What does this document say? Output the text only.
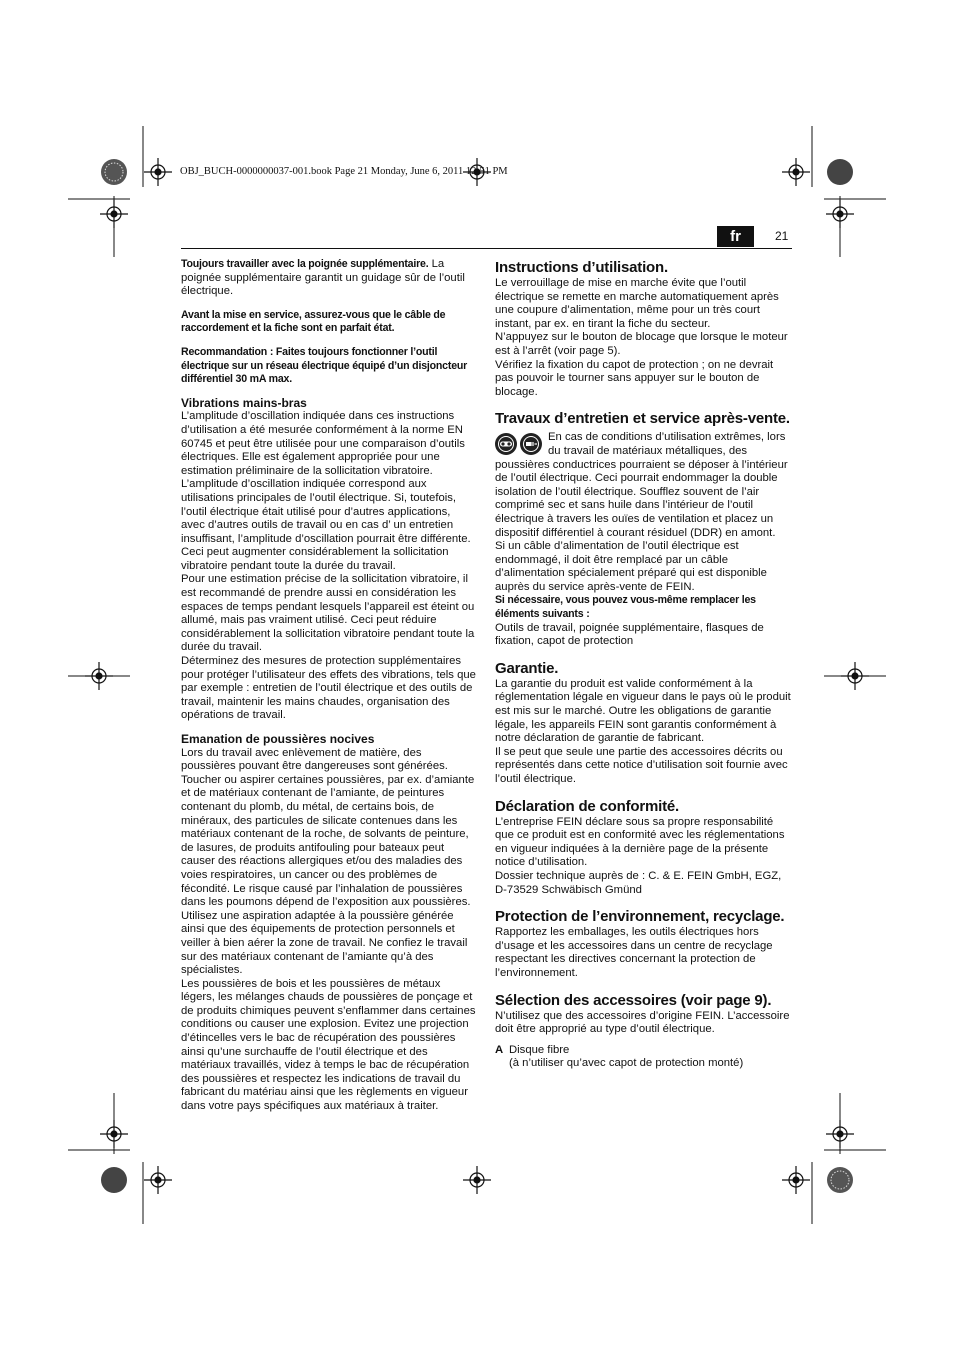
OBJ_BUCH-0000000037-001.book Page 21 Monday, June 6, 2011 12:51 PM
fr	21

Toujours travailler avec la poignée supplémentaire. La poignée supplémentaire garantit un guidage sûr de l’outil électrique.

Avant la mise en service, assurez-vous que le câble de raccordement et la fiche sont en parfait état.

Recommandation : Faites toujours fonctionner l’outil électrique sur un réseau électrique équipé d’un disjoncteur différentiel 30 mA max.

Vibrations mains-bras

L’amplitude d’oscillation indiquée dans ces instructions d’utilisation a été mesurée conformément à la norme EN 60745 et peut être utilisée pour une comparaison d’outils électriques. Elle est également appropriée pour une estimation préliminaire de la sollicitation vibratoire. L’amplitude d’oscillation indiquée correspond aux utilisations principales de l’outil électrique. Si, toutefois, l’outil électrique était utilisé pour d’autres applications, avec d’autres outils de travail ou en cas d’ un entretien insuffisant, l’amplitude d’oscillation pourrait être différente. Ceci peut augmenter considérablement la sollicitation vibratoire pendant toute la durée du travail.

Pour une estimation précise de la sollicitation vibratoire, il est recommandé de prendre aussi en considération les espaces de temps pendant lesquels l’appareil est éteint ou allumé, mais pas vraiment utilisé. Ceci peut réduire considérablement la sollicitation vibratoire pendant toute la durée du travail.

Déterminez des mesures de protection supplémentaires pour protéger l’utilisateur des effets des vibrations, tels que par exemple : entretien de l’outil électrique et des outils de travail, maintenir les mains chaudes, organisation des opérations de travail.

Emanation de poussières nocives

Lors du travail avec enlèvement de matière, des poussières pouvant être dangereuses sont générées.

Toucher ou aspirer certaines poussières, par ex. d’amiante et de matériaux contenant de l’amiante, de peintures contenant du plomb, du métal, de certains bois, de minéraux, des particules de silicate contenues dans les matériaux contenant de la roche, de solvants de peinture, de lasures, de produits antifouling pour bateaux peut causer des réactions allergiques et/ou des maladies des voies respiratoires, un cancer ou des problèmes de fécondité. Le risque causé par l’inhalation de poussières dans les poumons dépend de l’exposition aux poussières. Utilisez une aspiration adaptée à la poussière générée ainsi que des équipements de protection personnels et veiller à bien aérer la zone de travail. Ne confiez le travail sur des matériaux contenant de l’amiante qu’à des spécialistes.

Les poussières de bois et les poussières de métaux légers, les mélanges chauds de poussières de ponçage et de produits chimiques peuvent s’enflammer dans certaines conditions ou causer une explosion. Evitez une projection d’étincelles vers le bac de récupération des poussières ainsi qu’une surchauffe de l’outil électrique et des matériaux travaillés, videz à temps le bac de récupération des poussières et respectez les indications de travail du fabricant du matériau ainsi que les règlements en vigueur dans votre pays spécifiques aux matériaux à traiter.

Instructions d’utilisation.

Le verrouillage de mise en marche évite que l’outil électrique se remette en marche automatiquement après une coupure d’alimentation, même pour un très court instant, par ex. en tirant la fiche du secteur.

N’appuyez sur le bouton de blocage que lorsque le moteur est à l’arrêt (voir page 5).

Vérifiez la fixation du capot de protection ; on ne devrait pas pouvoir le tourner sans appuyer sur le bouton de blocage.

Travaux d’entretien et service après-vente.

En cas de conditions d’utilisation extrêmes, lors du travail de matériaux métalliques, des poussières conductrices pourraient se déposer à l’intérieur de l’outil électrique. Ceci pourrait endommager la double isolation de l’outil électrique. Soufflez souvent de l’air comprimé sec et sans huile dans l’intérieur de l’outil électrique à travers les ouïes de ventilation et placez un dispositif différentiel à courant résiduel (DDR) en amont.

Si un câble d’alimentation de l’outil électrique est endommagé, il doit être remplacé par un câble d’alimentation spécialement préparé qui est disponible auprès du service après-vente de FEIN.

Si nécessaire, vous pouvez vous-même remplacer les éléments suivants :

Outils de travail, poignée supplémentaire, flasques de fixation, capot de protection

Garantie.

La garantie du produit est valide conformément à la réglementation légale en vigueur dans le pays où le produit est mis sur le marché. Outre les obligations de garantie légale, les appareils FEIN sont garantis conformément à notre déclaration de garantie de fabricant.

Il se peut que seule une partie des accessoires décrits ou représentés dans cette notice d’utilisation soit fournie avec l’outil électrique.

Déclaration de conformité.

L’entreprise FEIN déclare sous sa propre responsabilité que ce produit est en conformité avec les réglementations en vigueur indiquées à la dernière page de la présente notice d’utilisation.

Dossier technique auprès de : C. & E. FEIN GmbH, EGZ, D-73529 Schwäbisch Gmünd

Protection de l’environnement, recyclage.

Rapportez les emballages, les outils électriques hors d’usage et les accessoires dans un centre de recyclage respectant les directives concernant la protection de l’environnement.

Sélection des accessoires (voir page 9).

N’utilisez que des accessoires d’origine FEIN. L’accessoire doit être approprié au type d’outil électrique.

A Disque fibre
(à n’utiliser qu’avec capot de protection monté)
